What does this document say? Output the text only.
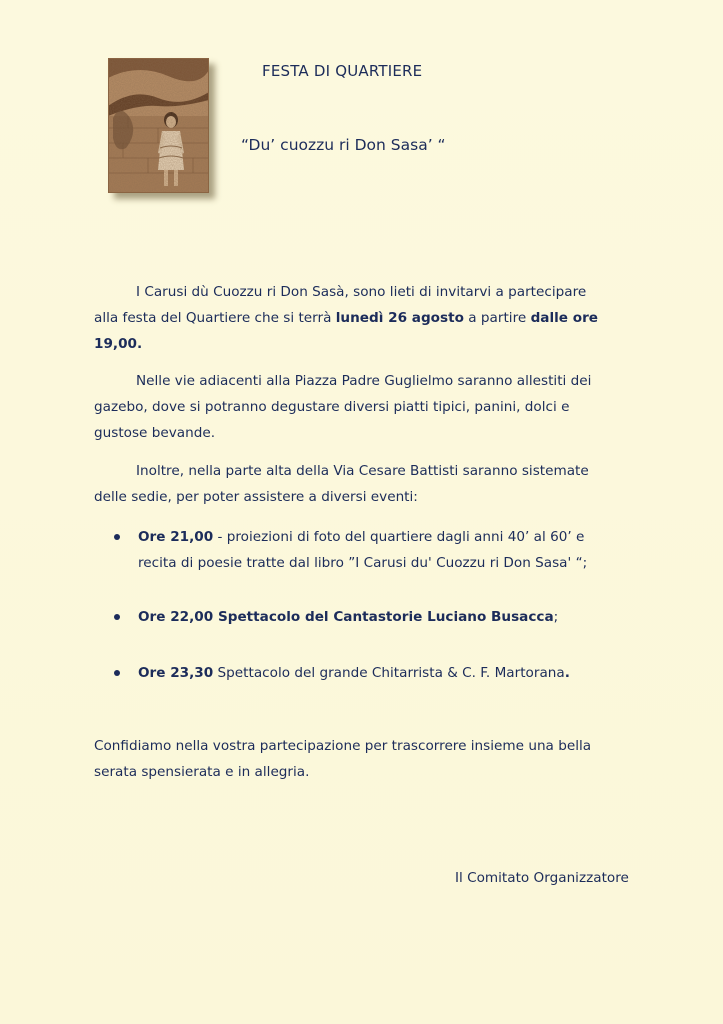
FESTA DI QUARTIERE
“Du’ cuozzu ri Don Sasa’ “
I Carusi dù Cuozzu ri Don Sasà, sono lieti di invitarvi a partecipare
alla festa del Quartiere che si terrà lunedì 26 agosto a partire dalle ore
19,00.
Nelle vie adiacenti alla Piazza Padre Guglielmo saranno allestiti dei
gazebo, dove si potranno degustare diversi piatti tipici, panini, dolci e
gustose bevande.
Inoltre, nella parte alta della Via Cesare Battisti saranno sistemate
delle sedie, per poter assistere a diversi eventi:
Ore 21,00 - proiezioni di foto del quartiere dagli anni 40’ al 60’ e
recita di poesie tratte dal libro ”I Carusi du' Cuozzu ri Don Sasa' “;
Ore 22,00 Spettacolo del Cantastorie Luciano Busacca;
Ore 23,30 Spettacolo del grande Chitarrista & C. F. Martorana.
Confidiamo nella vostra partecipazione per trascorrere insieme una bella
serata spensierata e in allegria.
Il Comitato Organizzatore
